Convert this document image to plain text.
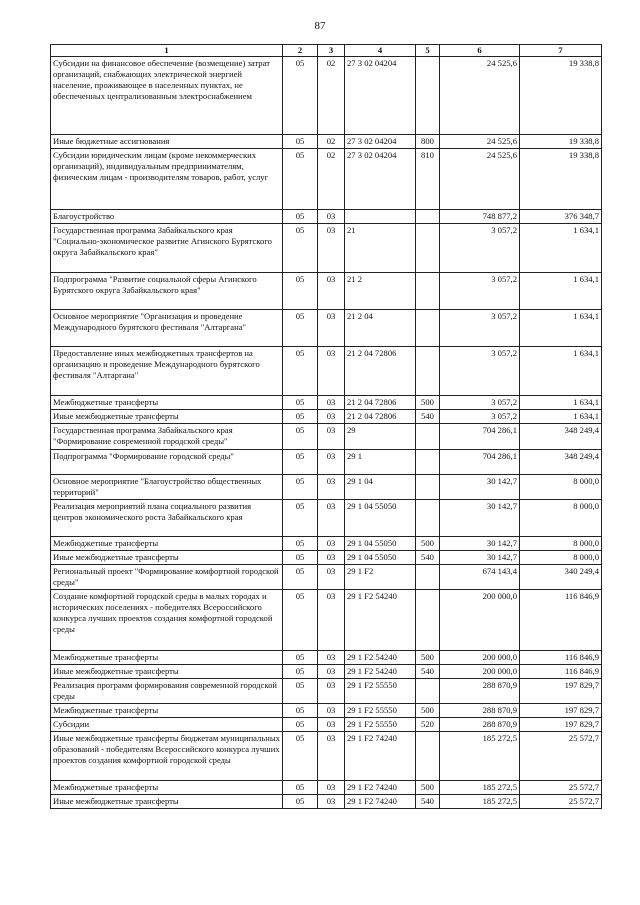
87
1	2	3	4	5	6	7
Субсидии на финансовое обеспечение (возмещение) затрат организаций, снабжающих электрической энергией население, проживающее в населенных пунктах, не обеспеченных централизованным электроснабжением	05	02	27 3 02 04204		24 525,6	19 338,8
Иные бюджетные ассигнования	05	02	27 3 02 04204	800	24 525,6	19 338,8
Субсидии юридическим лицам (кроме некоммерческих организаций), индивидуальным предпринимателям, физическим лицам - производителям товаров, работ, услуг	05	02	27 3 02 04204	810	24 525,6	19 338,8
Благоустройство	05	03			748 877,2	376 348,7
Государственная программа Забайкальского края "Социально-экономическое развитие Агинского Бурятского округа Забайкальского края"	05	03	21		3 057,2	1 634,1
Подпрограмма "Развитие социальной сферы Агинского Бурятского округа Забайкальского края"	05	03	21 2		3 057,2	1 634,1
Основное мероприятие "Организация и проведение Международного бурятского фестиваля "Алтаргана"	05	03	21 2 04		3 057,2	1 634,1
Предоставление иных межбюджетных трансфертов на организацию и проведение Международного бурятского фестиваля "Алтаргана"	05	03	21 2 04 72806		3 057,2	1 634,1
Межбюджетные трансферты	05	03	21 2 04 72806	500	3 057,2	1 634,1
Иные межбюджетные трансферты	05	03	21 2 04 72806	540	3 057,2	1 634,1
Государственная программа Забайкальского края "Формирование современной городской среды"	05	03	29		704 286,1	348 249,4
Подпрограмма "Формирование городской среды"	05	03	29 1		704 286,1	348 249,4
Основное мероприятие "Благоустройство общественных территорий"	05	03	29 1 04		30 142,7	8 000,0
Реализация мероприятий плана социального развития центров экономического роста Забайкальского края	05	03	29 1 04 55050		30 142,7	8 000,0
Межбюджетные трансферты	05	03	29 1 04 55050	500	30 142,7	8 000,0
Иные межбюджетные трансферты	05	03	29 1 04 55050	540	30 142,7	8 000,0
Региональный проект "Формирование комфортной городской среды"	05	03	29 1 F2		674 143,4	340 249,4
Создание комфортной городской среды в малых городах и исторических поселениях - победителях Всероссийского конкурса лучших проектов создания комфортной городской среды	05	03	29 1 F2 54240		200 000,0	116 846,9
Межбюджетные трансферты	05	03	29 1 F2 54240	500	200 000,0	116 846,9
Иные межбюджетные трансферты	05	03	29 1 F2 54240	540	200 000,0	116 846,9
Реализация программ формирования современной городской среды	05	03	29 1 F2 55550		288 870,9	197 829,7
Межбюджетные трансферты	05	03	29 1 F2 55550	500	288 870,9	197 829,7
Субсидии	05	03	29 1 F2 55550	520	288 870,9	197 829,7
Иные межбюджетные трансферты бюджетам муниципальных образований - победителям Всероссийского конкурса лучших проектов создания комфортной городской среды	05	03	29 1 F2 74240		185 272,5	25 572,7
Межбюджетные трансферты	05	03	29 1 F2 74240	500	185 272,5	25 572,7
Иные межбюджетные трансферты	05	03	29 1 F2 74240	540	185 272,5	25 572,7
